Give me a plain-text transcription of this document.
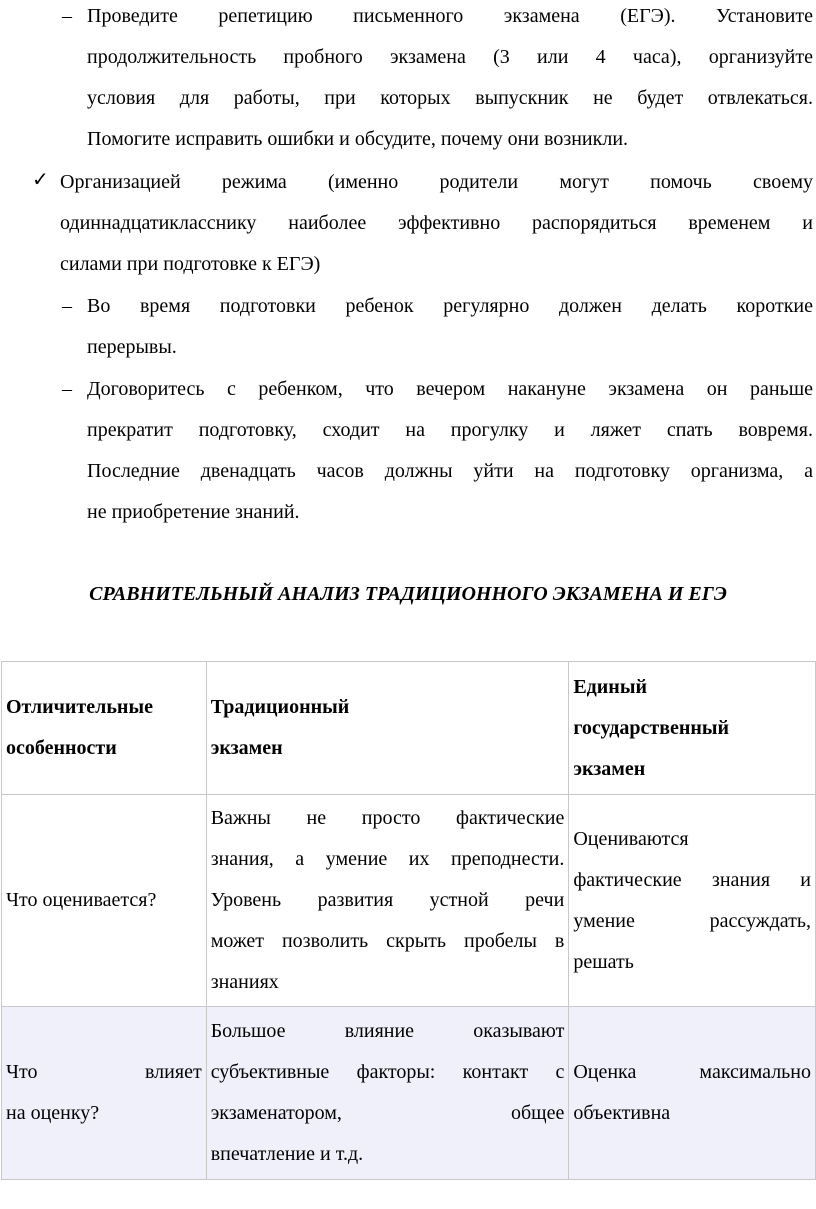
– Проведите репетицию письменного экзамена (ЕГЭ). Установите
продолжительность пробного экзамена (3 или 4 часа), организуйте
условия для работы, при которых выпускник не будет отвлекаться.
Помогите исправить ошибки и обсудите, почему они возникли.
✓ Организацией режима (именно родители могут помочь своему
одиннадцатикласснику наиболее эффективно распорядиться временем и
силами при подготовке к ЕГЭ)
– Во время подготовки ребенок регулярно должен делать короткие
перерывы.
– Договоритесь с ребенком, что вечером накануне экзамена он раньше
прекратит подготовку, сходит на прогулку и ляжет спать вовремя.
Последние двенадцать часов должны уйти на подготовку организма, а
не приобретение знаний.
СРАВНИТЕЛЬНЫЙ АНАЛИЗ ТРАДИЦИОННОГО ЭКЗАМЕНА И ЕГЭ
Отличительные
особенности	Традиционный
экзамен	Единый
государственный
экзамен

Что оценивается?	Важны не просто фактические
знания, а умение их преподнести.
Уровень развития устной речи
может позволить скрыть пробелы в
знаниях	Оцениваются
фактические знания и
умение рассуждать,
решать

Что влияет
на оценку?	Большое влияние оказывают
субъективные факторы: контакт с
экзаменатором, общее
впечатление и т.д.	Оценка максимально
объективна
